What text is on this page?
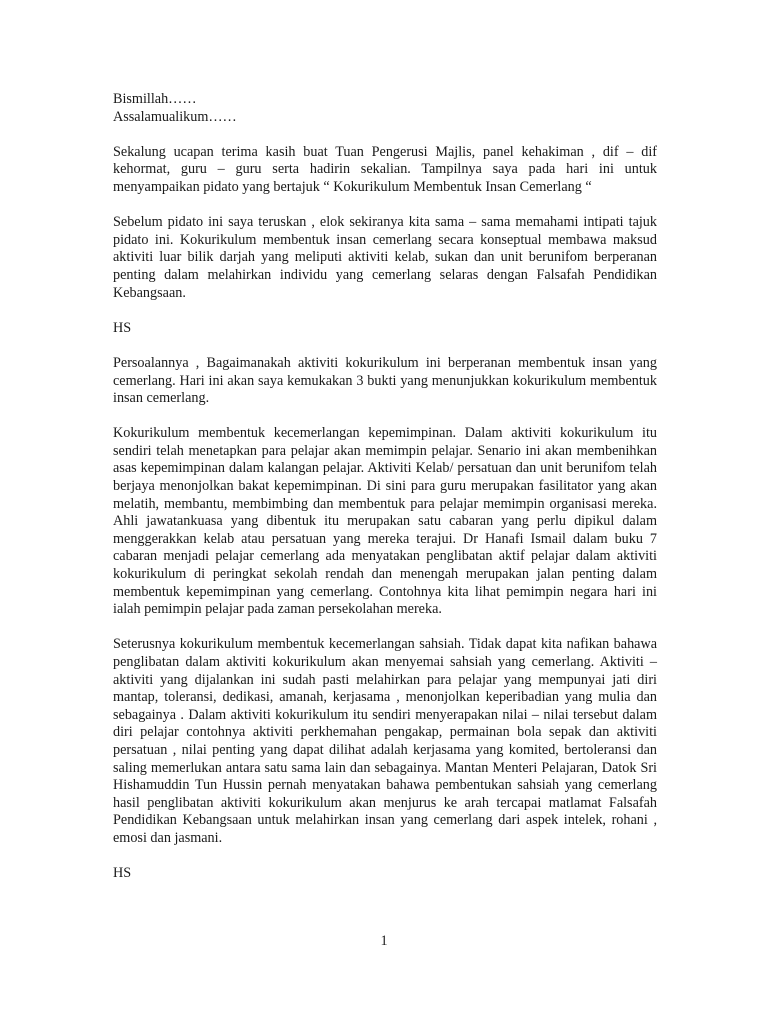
Bismillah……
Assalamualikum……

Sekalung ucapan terima kasih buat Tuan Pengerusi Majlis, panel kehakiman , dif – dif kehormat, guru – guru serta hadirin sekalian. Tampilnya saya pada hari ini untuk menyampaikan pidato yang bertajuk “ Kokurikulum Membentuk Insan Cemerlang “

Sebelum pidato ini saya teruskan , elok sekiranya kita sama – sama memahami intipati tajuk pidato ini. Kokurikulum membentuk insan cemerlang secara konseptual membawa maksud aktiviti luar bilik darjah yang meliputi aktiviti kelab, sukan dan unit berunifom berperanan penting dalam melahirkan individu yang cemerlang selaras dengan Falsafah Pendidikan Kebangsaan.

HS

Persoalannya , Bagaimanakah aktiviti kokurikulum ini berperanan membentuk insan yang cemerlang. Hari ini akan saya kemukakan 3 bukti yang menunjukkan kokurikulum membentuk insan cemerlang.

Kokurikulum membentuk kecemerlangan kepemimpinan. Dalam aktiviti kokurikulum itu sendiri telah menetapkan para pelajar akan memimpin pelajar. Senario ini akan membenihkan asas kepemimpinan dalam kalangan pelajar. Aktiviti Kelab/ persatuan dan unit berunifom telah berjaya menonjolkan bakat kepemimpinan. Di sini para guru merupakan fasilitator yang akan melatih, membantu, membimbing dan membentuk para pelajar memimpin organisasi mereka. Ahli jawatankuasa yang dibentuk itu merupakan satu cabaran yang perlu dipikul dalam menggerakkan kelab atau persatuan yang mereka terajui. Dr Hanafi Ismail dalam buku 7 cabaran menjadi pelajar cemerlang ada menyatakan penglibatan aktif pelajar dalam aktiviti kokurikulum di peringkat sekolah rendah dan menengah merupakan jalan penting dalam membentuk kepemimpinan yang cemerlang. Contohnya kita lihat pemimpin negara hari ini ialah pemimpin pelajar pada zaman persekolahan mereka.

Seterusnya kokurikulum membentuk kecemerlangan sahsiah. Tidak dapat kita nafikan bahawa penglibatan dalam aktiviti kokurikulum akan menyemai sahsiah yang cemerlang. Aktiviti – aktiviti yang dijalankan ini sudah pasti melahirkan para pelajar yang mempunyai jati diri mantap, toleransi, dedikasi, amanah, kerjasama , menonjolkan keperibadian yang mulia dan sebagainya . Dalam aktiviti kokurikulum itu sendiri menyerapakan nilai – nilai tersebut dalam diri pelajar contohnya aktiviti perkhemahan pengakap, permainan bola sepak dan aktiviti persatuan , nilai penting yang dapat dilihat adalah kerjasama yang komited, bertoleransi dan saling memerlukan antara satu sama lain dan sebagainya. Mantan Menteri Pelajaran, Datok Sri Hishamuddin Tun Hussin pernah menyatakan bahawa pembentukan sahsiah yang cemerlang hasil penglibatan aktiviti kokurikulum akan menjurus ke arah tercapai matlamat Falsafah Pendidikan Kebangsaan untuk melahirkan insan yang cemerlang dari aspek intelek, rohani , emosi dan jasmani.

HS

1
